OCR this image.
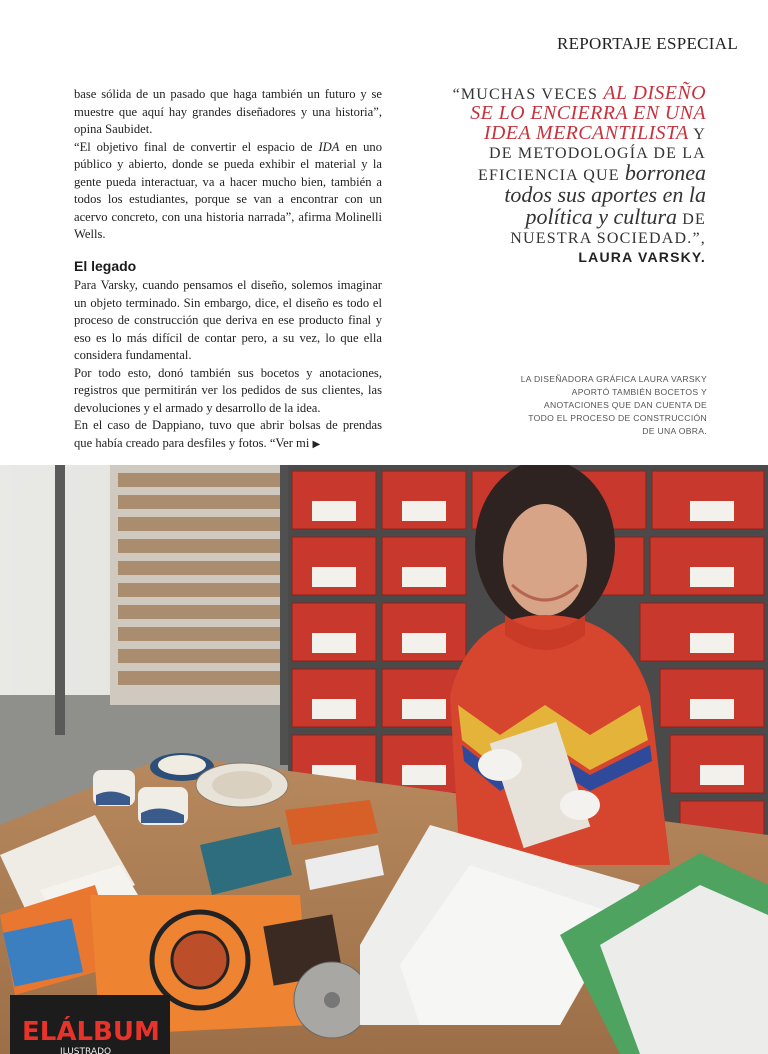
REPORTAJE ESPECIAL

base sólida de un pasado que haga también un futuro y se muestre que aquí hay grandes diseñadores y una historia”, opina Saubidet.

“El objetivo final de convertir el espacio de IDA en uno público y abierto, donde se pueda exhibir el material y la gente pueda interactuar, va a hacer mucho bien, también a todos los estudiantes, porque se van a encontrar con un acervo concreto, con una historia narrada”, afirma Molinelli Wells.

El legado

Para Varsky, cuando pensamos el diseño, solemos imaginar un objeto terminado. Sin embargo, dice, el diseño es todo el proceso de construcción que deriva en ese producto final y eso es lo más difícil de contar pero, a su vez, lo que ella considera fundamental.

Por todo esto, donó también sus bocetos y anotaciones, registros que permitirán ver los pedidos de sus clientes, las devoluciones y el armado y desarrollo de la idea.

En el caso de Dappiano, tuvo que abrir bolsas de prendas que había creado para desfiles y fotos. “Ver mi ▶

“MUCHAS VECES AL DISEÑO
SE LO ENCIERRA EN UNA
IDEA MERCANTILISTA Y
DE METODOLOGÍA DE LA
EFICIENCIA QUE borronea
todos sus aportes en la
política y cultura DE
NUESTRA SOCIEDAD.”,
LAURA VARSKY.
LA DISEÑADORA GRÁFICA LAURA VARSKY APORTÓ TAMBIÉN BOCETOS Y ANOTACIONES QUE DAN CUENTA DE TODO EL PROCESO DE CONSTRUCCIÓN DE UNA OBRA.
ELÁLBUM
ILUSTRADO
